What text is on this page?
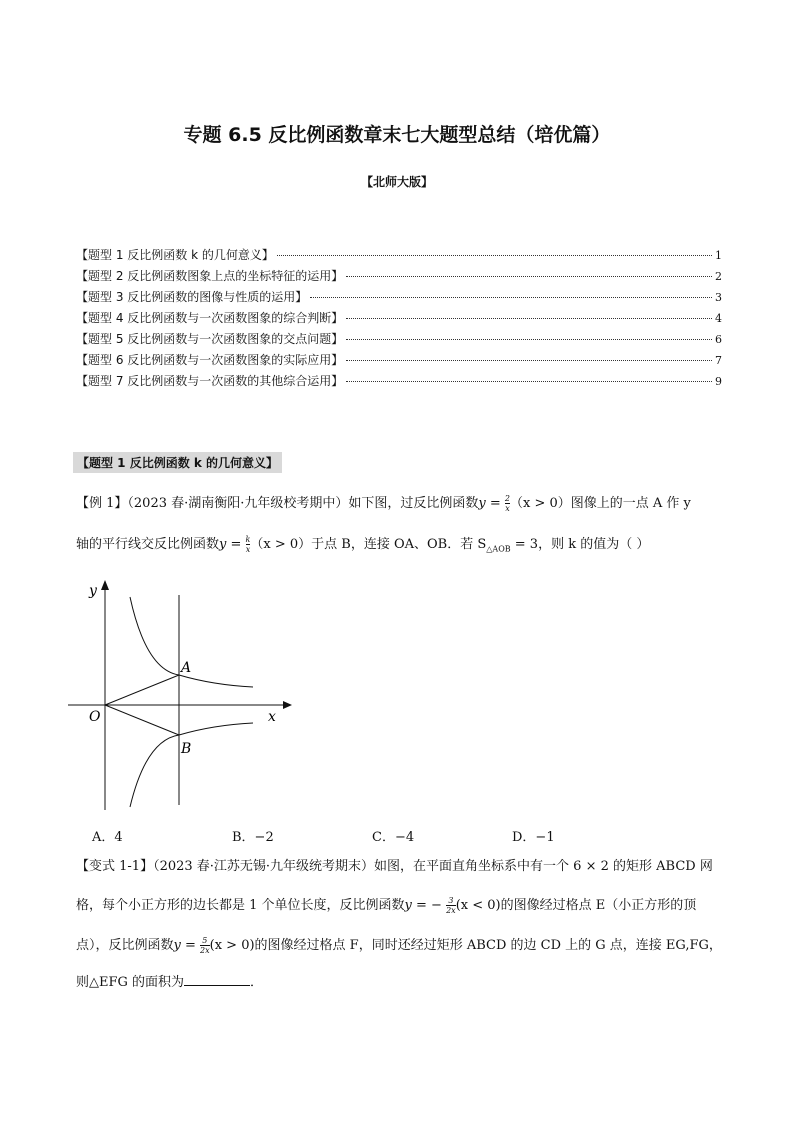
专题 6.5 反比例函数章末七大题型总结（培优篇）
【北师大版】
【题型 1 反比例函数 k 的几何意义】	1
【题型 2 反比例函数图象上点的坐标特征的运用】	2
【题型 3 反比例函数的图像与性质的运用】	3
【题型 4 反比例函数与一次函数图象的综合判断】	4
【题型 5 反比例函数与一次函数图象的交点问题】	6
【题型 6 反比例函数与一次函数图象的实际应用】	7
【题型 7 反比例函数与一次函数的其他综合运用】	9
【题型 1 反比例函数 k 的几何意义】
【例 1】（2023 春·湖南衡阳·九年级校考期中）如下图，过反比例函数$y = \frac{2}{x} (x > 0)$图像上的一点 A 作 y
轴的平行线交反比例函数$y = \frac{k}{x} (x > 0)$于点 B，连接 OA、OB．若 $S_{\triangle AOB} = 3$，则 k 的值为（ ）
x
y
O
A
B
A．4	B．−2	C．−4	D．−1
【变式 1-1】（2023 春·江苏无锡·九年级统考期末）如图，在平面直角坐标系中有一个 6 × 2 的矩形 ABCD 网
格，每个小正方形的边长都是 1 个单位长度，反比例函数y = − $\frac{3}{2x} (x < 0)$的图像经过格点 E（小正方形的顶
点），反比例函数$y = \frac{5}{2x} (x > 0)$的图像经过格点 F，同时还经过矩形 ABCD 的边 CD 上的 G 点，连接 EG,FG，
则△EFG 的面积为	．
